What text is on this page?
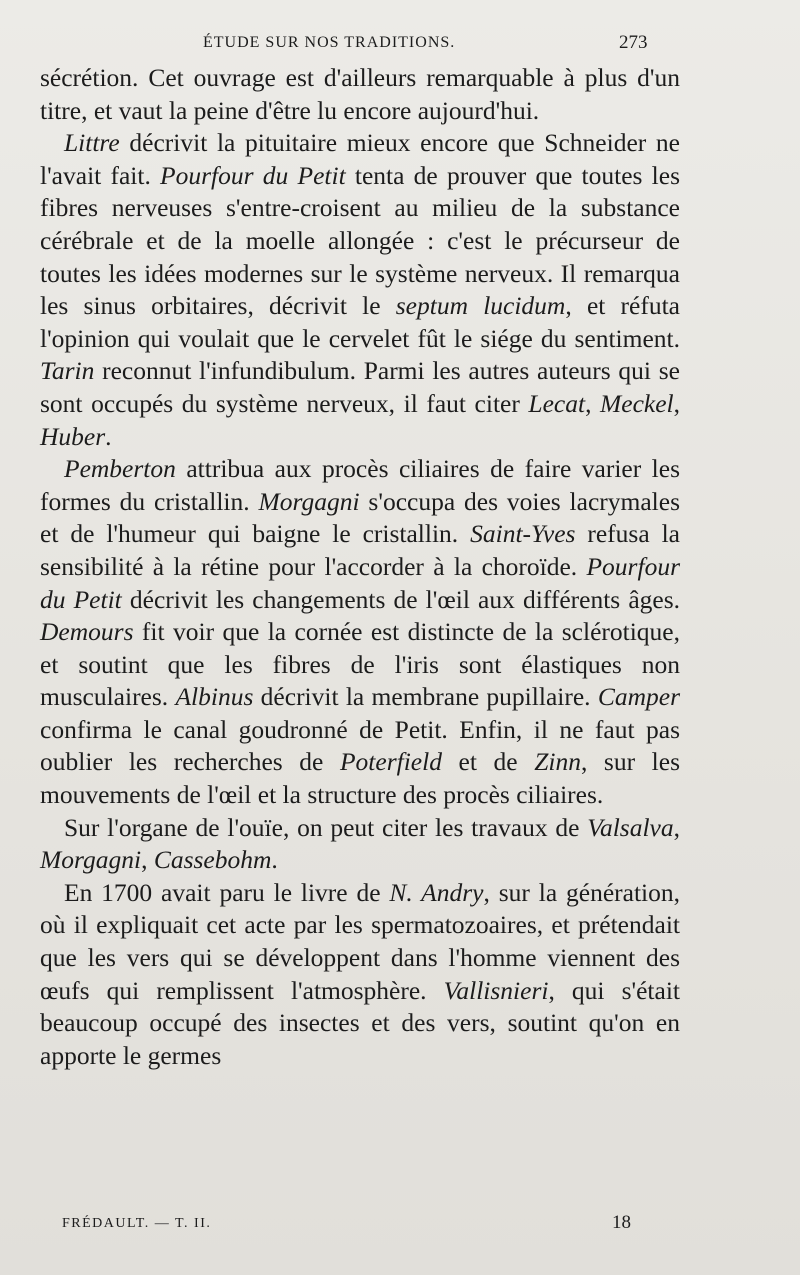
ÉTUDE SUR NOS TRADITIONS.	273

sécrétion. Cet ouvrage est d'ailleurs remarquable à plus d'un titre, et vaut la peine d'être lu encore aujourd'hui.

Littre décrivit la pituitaire mieux encore que Schneider ne l'avait fait. Pourfour du Petit tenta de prouver que toutes les fibres nerveuses s'entre-croisent au milieu de la substance cérébrale et de la moelle allongée : c'est le précurseur de toutes les idées modernes sur le système nerveux. Il remarqua les sinus orbitaires, décrivit le septum lucidum, et réfuta l'opinion qui voulait que le cervelet fût le siége du sentiment. Tarin reconnut l'infundibulum. Parmi les autres auteurs qui se sont occupés du système nerveux, il faut citer Lecat, Meckel, Huber.

Pemberton attribua aux procès ciliaires de faire varier les formes du cristallin. Morgagni s'occupa des voies lacrymales et de l'humeur qui baigne le cristallin. Saint-Yves refusa la sensibilité à la rétine pour l'accorder à la choroïde. Pourfour du Petit décrivit les changements de l'œil aux différents âges. Demours fit voir que la cornée est distincte de la sclérotique, et soutint que les fibres de l'iris sont élastiques non musculaires. Albinus décrivit la membrane pupillaire. Camper confirma le canal goudronné de Petit. Enfin, il ne faut pas oublier les recherches de Poterfield et de Zinn, sur les mouvements de l'œil et la structure des procès ciliaires.

Sur l'organe de l'ouïe, on peut citer les travaux de Valsalva, Morgagni, Cassebohm.

En 1700 avait paru le livre de N. Andry, sur la génération, où il expliquait cet acte par les spermatozoaires, et prétendait que les vers qui se développent dans l'homme viennent des œufs qui remplissent l'atmosphère. Vallisnieri, qui s'était beaucoup occupé des insectes et des vers, soutint qu'on en apporte le germes

FRÉDAULT. — T. II.	18
